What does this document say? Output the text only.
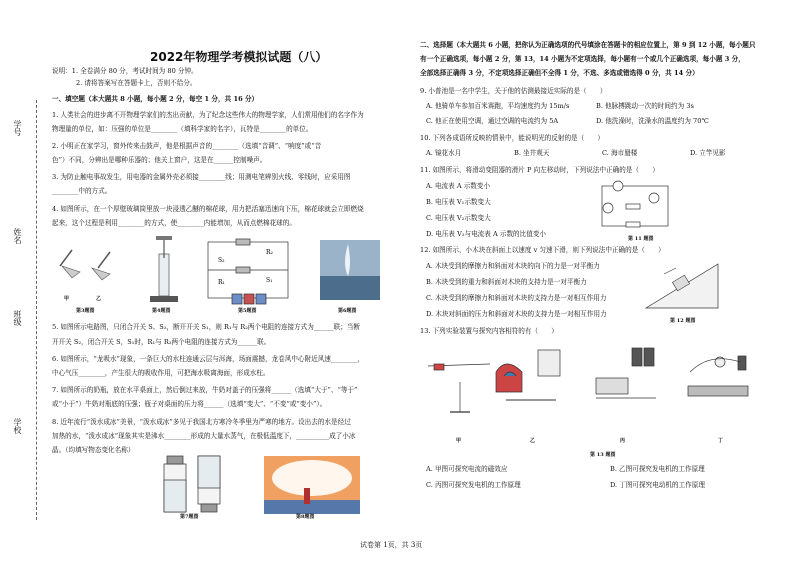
学号
姓名
班级
学校
2022年物理学考模拟试题（八）
说明：1. 全卷满分 80 分，考试时间为 80 分钟。
2. 请将答案写在答题卡上，否则不给分。
一、填空题（本大题共 8 小题，每小题 2 分，每空 1 分，共 16 分）
1. 人类社会的进步离不开物理学家们的杰出贡献，为了纪念这些伟大的物理学家，人们常用他们的名字作为
物理量的单位，如：压强的单位是________（填科学家的名字），瓦特是________的单位。
2. 小明正在家学习，窗外传来击鼓声，他是根据声音的________（选填“音调”、“响度”或“音
色”）不同，分辨出是哪种乐器的；他关上窗户，这是在______控制噪声。
3. 为防止触电事故发生，用电器的金属外壳必须接________线；用测电笔辨别火线、零线时，应采用图
________中的方式。
4. 如图所示，在一个厚壁玻璃筒里放一块浸透乙醚的棉花球，用力把活塞迅速向下压，棉花球就会立即燃烧
起来，这个过程是利用________的方式，使________内能增加，从而点燃棉花球的。
S₂
R₂
R₁	S₁
甲	乙
第3题图	第4题图	第5题图	第6题图
5. 如图所示电路图，只闭合开关 S、S₂，断开开关 S₁，则 R₁与 R₂两个电阻的连接方式为______联；当断
开开关 S₂，闭合开关 S，S₁时，R₁与 R₂两个电阻的连接方式为______联。
6. 如图所示，“龙吸水”现象，一条巨大的水柱连通云层与洱海，场面震撼，龙卷风中心附近风速________，
中心气压________，产生很大的吸收作用，可把海水吸离海面，形成水柱。
7. 如图所示的奶瓶，放在水平桌面上，然后倒过来放，牛奶对盖子的压强将______（选填“大于”、“等于”
或“小于”）牛奶对瓶底的压强；瓶子对桌面的压力将______（选填“变大”、“不变”或“变小”）。
8. 近年流行“泼水成冰”美景，“泼水成冰”多见于我国北方寒冷冬季里为严寒的地方。设出去的水是经过
加热的水，“泼水成冰”现象其实是沸水________形成的大量水蒸气，在极低温度下，__________成了小冰
晶。（均填写物态变化名称）
第7题图	第8题图
二、选择题（本大题共 6 小题，把你认为正确选项的代号填涂在答题卡的相应位置上，第 9 到 12 小题，每小题只
有一个正确选项，每小题 2 分，第 13，14 小题为不定项选择，每小题有一个或几个正确选项，每小题 3 分，
全部选择正确得 3 分，不定项选择正确但不全得 1 分，不选、多选或错选得 0 分，共 14 分）
9. 小普池是一名中学生，关于他的估测最接近实际的是（　　）
A. 他骑单车参加百米赛跑，平均速度约为 15m/s	B. 他脉搏跳动一次的时间约为 3s
C. 他正在使用空调，通过空调的电流约为 5A	D. 他洗澡时，洗澡水的温度约为 70℃
10. 下列各成语所反映的情景中，能说明光的反射的是（　　）
A. 镜花水月	B. 坐井观天	C. 海市蜃楼	D. 立竿见影
11. 如图所示，将滑动变阻器的滑片 P 向左移动时，下列说法中正确的是（　　）
A. 电流表 A 示数变小
B. 电压表 V₁示数变大
C. 电压表 V₂示数变大
D. 电压表 V₂与电流表 A 示数的比值变小
第 11 题图
12. 如图所示，小木块在斜面上以速度 v 匀速下滑，则下列说法中正确的是（　　）
A. 木块受到的摩擦力和斜面对木块的向下的力是一对平衡力
B. 木块受到的重力和斜面对木块的支持力是一对平衡力
C. 木块受到的摩擦力和斜面对木块的支持力是一对相互作用力
D. 木块对斜面的压力和斜面对木块的支持力是一对相互作用力
第 12 题图
13. 下列实验装置与探究内容相符的有（　　）
甲	乙	丙	丁
第 13 题图
A. 甲图可探究电流的磁效应	B. 乙图可探究发电机的工作原理
C. 丙图可探究发电机的工作原理	D. 丁图可探究电动机的工作原理
试卷第 1页，共 3页
